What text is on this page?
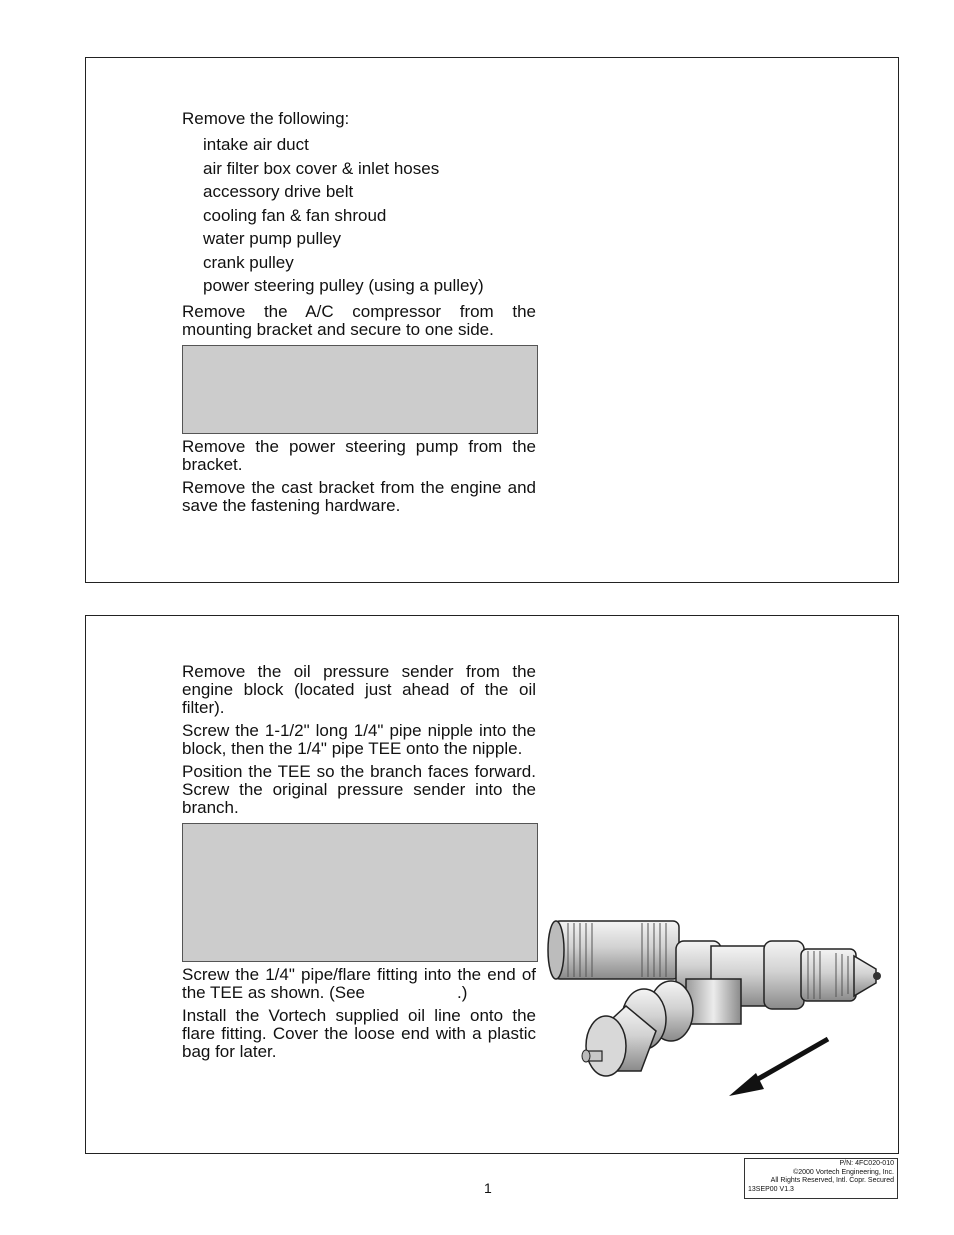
Remove the following:
intake air duct
air filter box cover & inlet hoses
accessory drive belt
cooling fan & fan shroud
water pump pulley
crank pulley
power steering pulley (using a pulley)

Remove the A/C compressor from the mounting bracket and secure to one side.

Remove the power steering pump from the bracket.

Remove the cast bracket from the engine and save the fastening hardware.

Remove the oil pressure sender from the engine block (located just ahead of the oil filter).

Screw the 1-1/2" long 1/4" pipe nipple into the block, then the 1/4" pipe TEE onto the nipple.

Position the TEE so the branch faces forward. Screw the original pressure sender into the branch.

Screw the 1/4" pipe/flare fitting into the end of the TEE as shown. (See	.)

Install the Vortech supplied oil line onto the flare fitting. Cover the loose end with a plastic bag for later.

1
P/N: 4FC020-010
©2000 Vortech Engineering, Inc.
All Rights Reserved, Intl. Copr. Secured
13SEP00 V1.3
